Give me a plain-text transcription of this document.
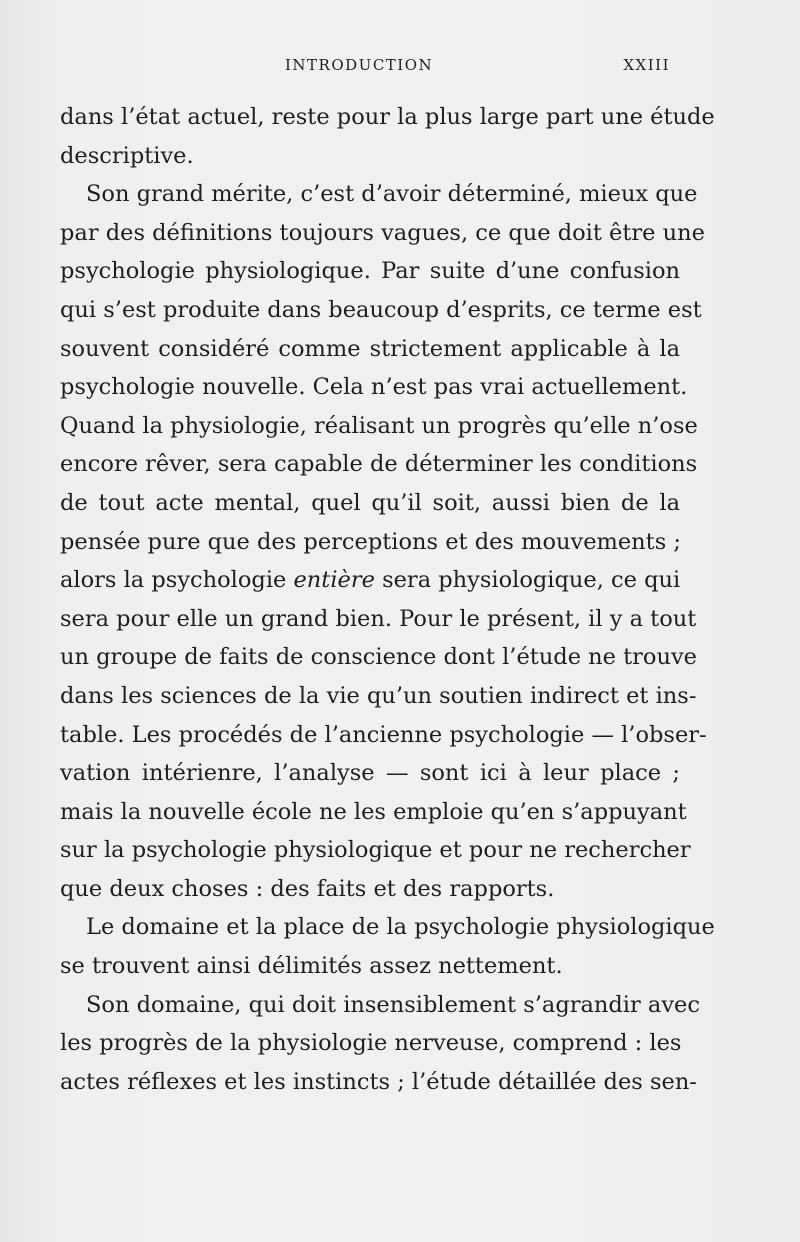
INTRODUCTION	XXIII
dans l’état actuel, reste pour la plus large part une étude
descriptive.
Son grand mérite, c’est d’avoir déterminé, mieux que
par des définitions toujours vagues, ce que doit être une
psychologie physiologique. Par suite d’une confusion
qui s’est produite dans beaucoup d’esprits, ce terme est
souvent considéré comme strictement applicable à la
psychologie nouvelle. Cela n’est pas vrai actuellement.
Quand la physiologie, réalisant un progrès qu’elle n’ose
encore rêver, sera capable de déterminer les conditions
de tout acte mental, quel qu’il soit, aussi bien de la
pensée pure que des perceptions et des mouvements ;
alors la psychologie entière sera physiologique, ce qui
sera pour elle un grand bien. Pour le présent, il y a tout
un groupe de faits de conscience dont l’étude ne trouve
dans les sciences de la vie qu’un soutien indirect et ins-
table. Les procédés de l’ancienne psychologie — l’obser-
vation intérienre, l’analyse — sont ici à leur place ;
mais la nouvelle école ne les emploie qu’en s’appuyant
sur la psychologie physiologique et pour ne rechercher
que deux choses : des faits et des rapports.
Le domaine et la place de la psychologie physiologique
se trouvent ainsi délimités assez nettement.
Son domaine, qui doit insensiblement s’agrandir avec
les progrès de la physiologie nerveuse, comprend : les
actes réflexes et les instincts ; l’étude détaillée des sen-
